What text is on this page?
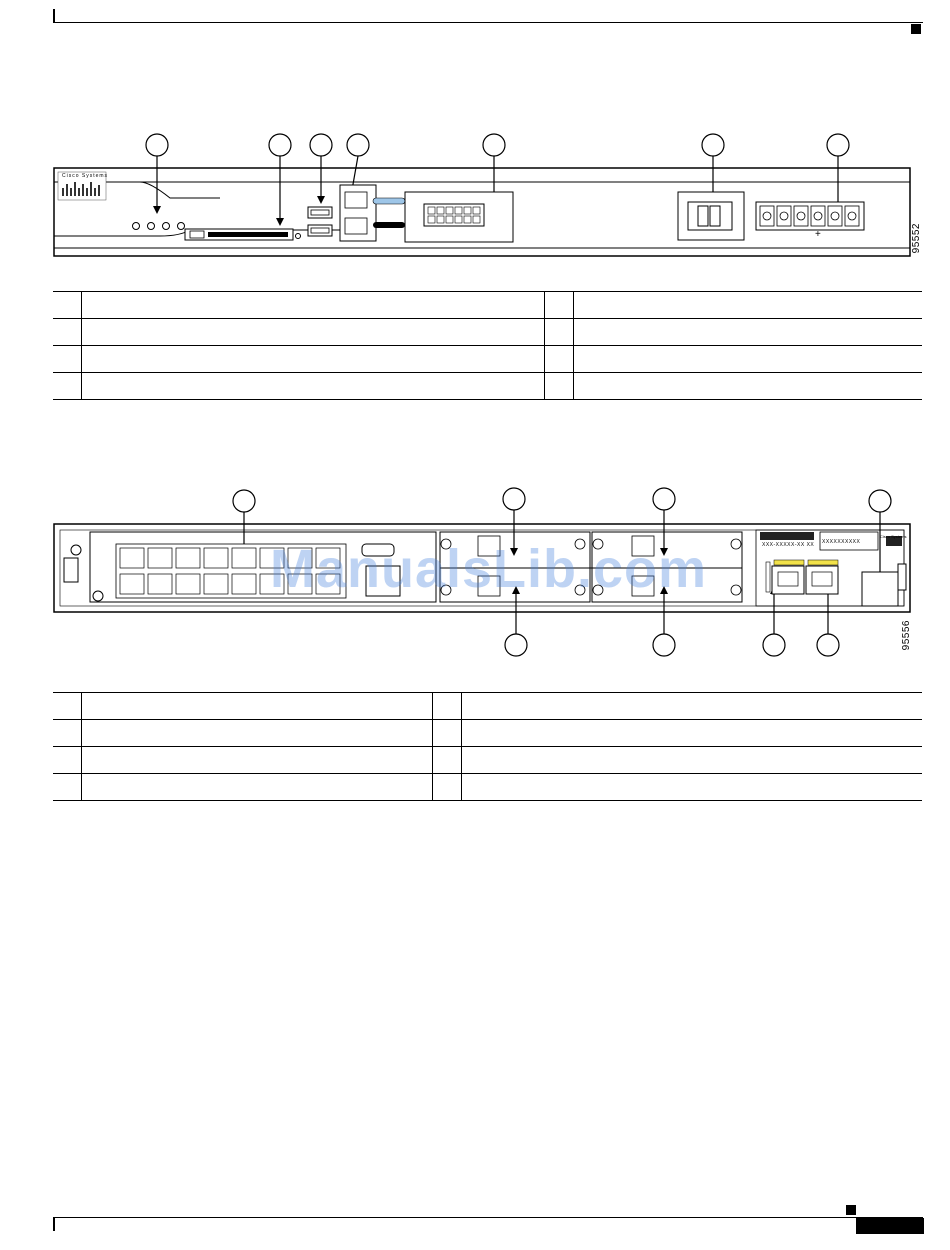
+
Cisco Systems
95552

XXX-XXXXX-XX XX XXXXXXXXXX
Cisco Systems
95556
ManualsLib.com
